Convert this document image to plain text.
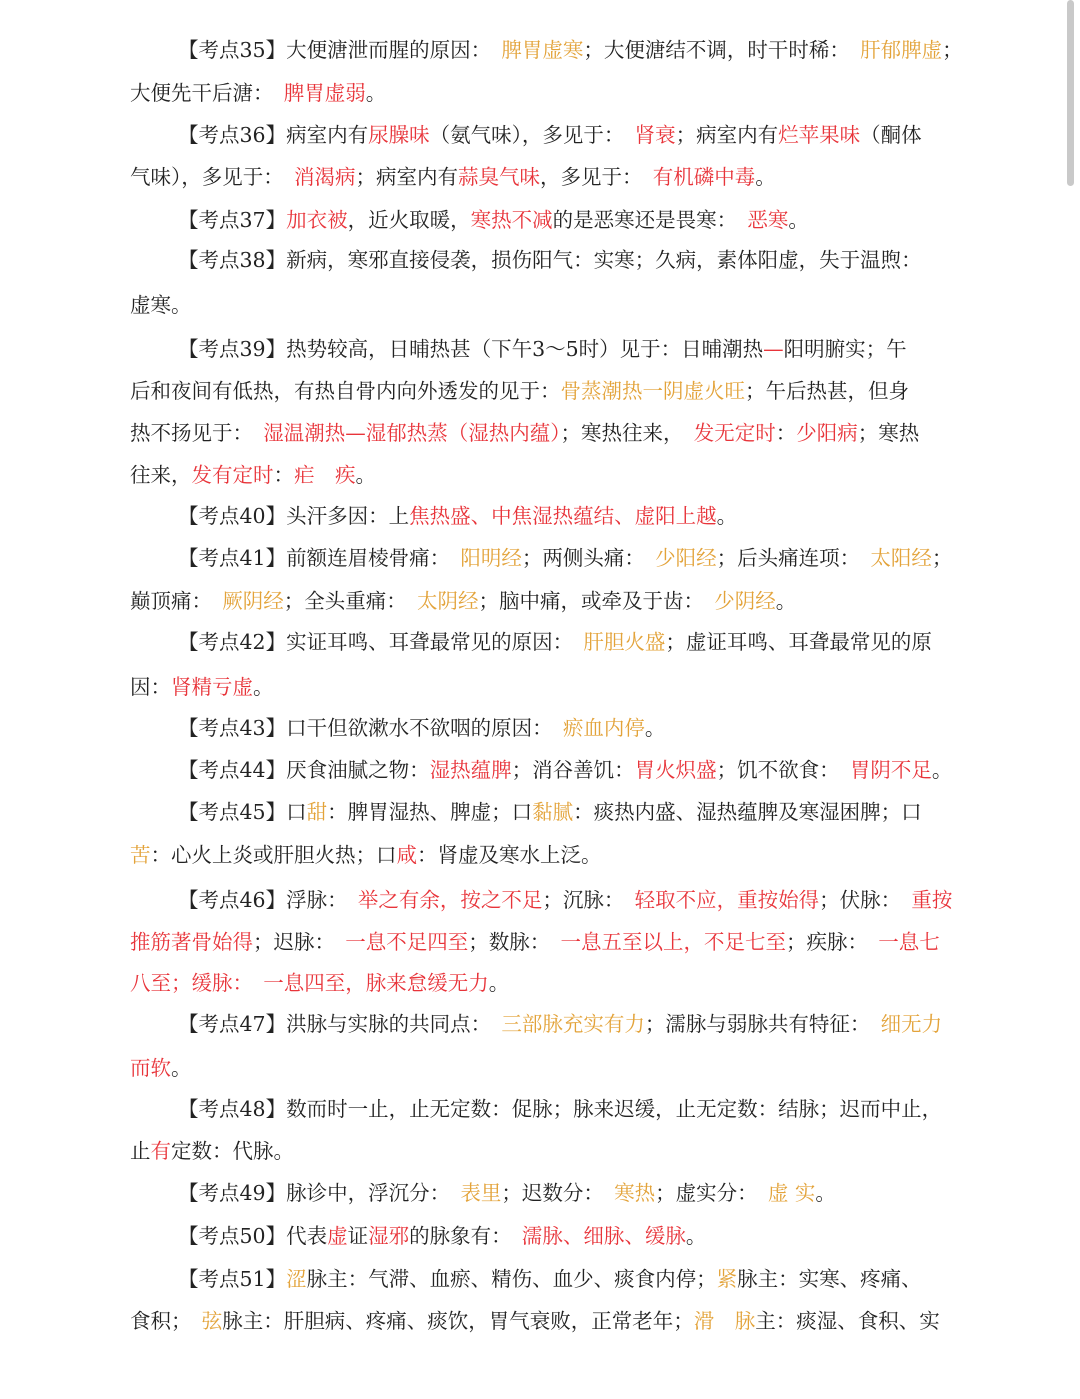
【考点35】大便溏泄而腥的原因：　脾胃虚寒；大便溏结不调，时干时稀：　肝郁脾虚；
大便先干后溏：　脾胃虚弱。
【考点36】病室内有尿臊味（氨气味），多见于：　肾衰；病室内有烂苹果味（酮体
气味），多见于：　消渴病；病室内有蒜臭气味，多见于：　有机磷中毒。
【考点37】加衣被，近火取暖，寒热不减的是恶寒还是畏寒：　恶寒。
【考点38】新病，寒邪直接侵袭，损伤阳气：实寒；久病，素体阳虚，失于温煦：
虚寒。
【考点39】热势较高，日晡热甚（下午3～5时）见于：日晡潮热—阳明腑实；午
后和夜间有低热，有热自骨内向外透发的见于：骨蒸潮热一阴虚火旺；午后热甚，但身
热不扬见于：　湿温潮热—湿郁热蒸（湿热内蕴）；寒热往来，　发无定时：少阳病；寒热
往来，发有定时：疟　疾。
【考点40】头汗多因：上焦热盛、中焦湿热蕴结、虚阳上越。
【考点41】前额连眉棱骨痛：　阳明经；两侧头痛：　少阳经；后头痛连项：　太阳经；
巅顶痛：　厥阴经；全头重痛：　太阴经；脑中痛，或牵及于齿：　少阴经。
【考点42】实证耳鸣、耳聋最常见的原因：　肝胆火盛；虚证耳鸣、耳聋最常见的原
因：肾精亏虚。
【考点43】口干但欲漱水不欲咽的原因：　瘀血内停。
【考点44】厌食油腻之物：湿热蕴脾；消谷善饥：胃火炽盛；饥不欲食：　胃阴不足。
【考点45】口甜：脾胃湿热、脾虚；口黏腻：痰热内盛、湿热蕴脾及寒湿困脾；口
苦：心火上炎或肝胆火热；口咸：肾虚及寒水上泛。
【考点46】浮脉：　举之有余，按之不足；沉脉：　轻取不应，重按始得；伏脉：　重按
推筋著骨始得；迟脉：　一息不足四至；数脉：　一息五至以上，不足七至；疾脉：　一息七
八至；缓脉：　一息四至，脉来怠缓无力。
【考点47】洪脉与实脉的共同点：　三部脉充实有力；濡脉与弱脉共有特征：　细无力
而软。
【考点48】数而时一止，止无定数：促脉；脉来迟缓，止无定数：结脉；迟而中止，
止有定数：代脉。
【考点49】脉诊中，浮沉分：　表里；迟数分：　寒热；虚实分：　虚 实。
【考点50】代表虚证湿邪的脉象有：　濡脉、细脉、缓脉。
【考点51】涩脉主：气滞、血瘀、精伤、血少、痰食内停；紧脉主：实寒、疼痛、
食积；　弦脉主：肝胆病、疼痛、痰饮，胃气衰败，正常老年；滑　脉主：痰湿、食积、实
